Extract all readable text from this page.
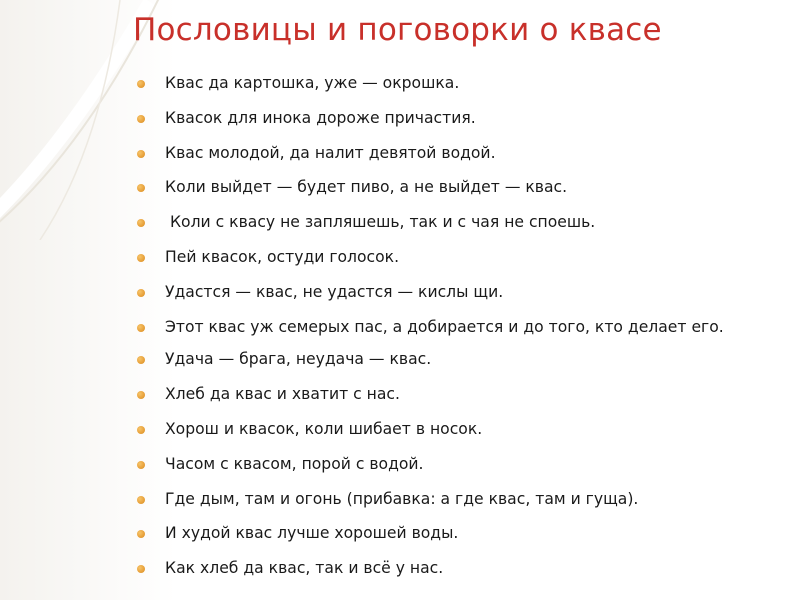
Пословицы и поговорки о квасе
Квас да картошка, уже — окрошка.
Квасок для инока дороже причастия.
Квас молодой, да налит девятой водой.
Коли выйдет — будет пиво, а не выйдет — квас.
Коли с квасу не запляшешь, так и с чая не споешь.
Пей квасок, остуди голосок.
Удастся — квас, не удастся — кислы щи.
Этот квас уж семерых пас, а добирается и до того, кто делает его.
Удача — брага, неудача — квас.
Хлеб да квас и хватит с нас.
Хорош и квасок, коли шибает в носок.
Часом с квасом, порой с водой.
Где дым, там и огонь (прибавка: а где квас, там и гуща).
И худой квас лучше хорошей воды.
Как хлеб да квас, так и всё у нас.
